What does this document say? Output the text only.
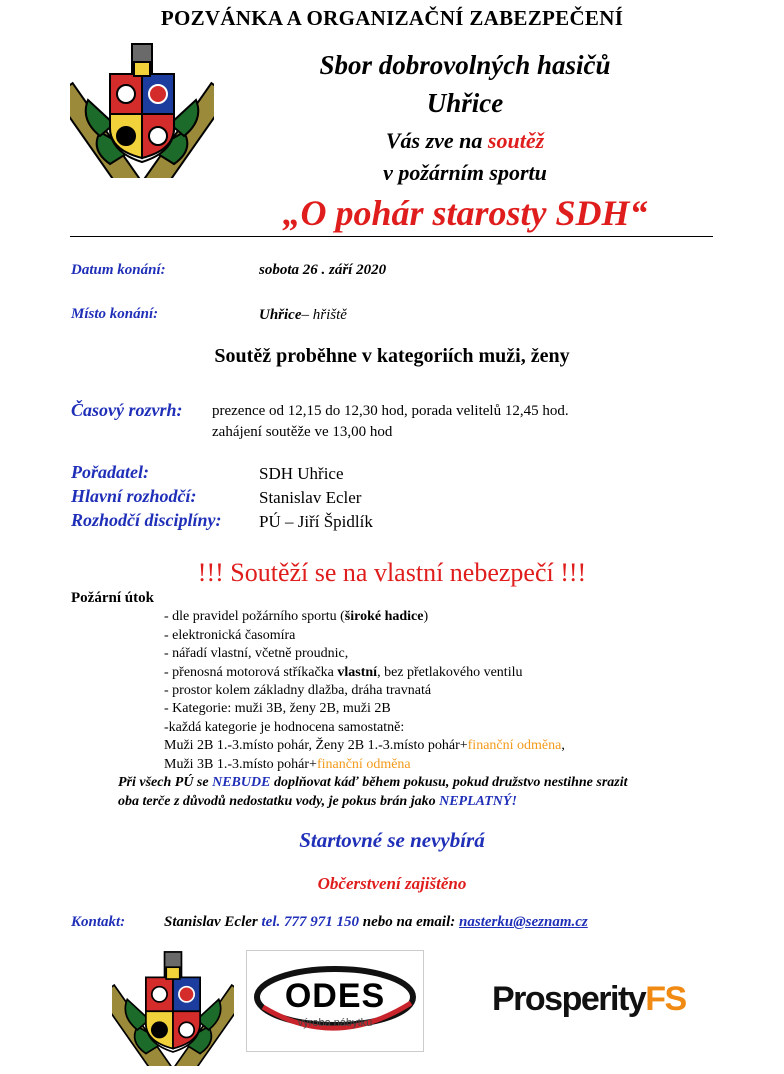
POZVÁNKA A ORGANIZAČNÍ ZABEZPEČENÍ
Sbor dobrovolných hasičů
Uhřice
Vás zve na soutěž
v požárním sportu
„O pohár starosty SDH“
Datum konání:	sobota 26 . září 2020
Místo konání:	Uhřice– hřiště
Soutěž proběhne v kategoriích muži, ženy
Časový rozvrh: prezence od 12,15 do 12,30 hod, porada velitelů 12,45 hod.
zahájení soutěže ve 13,00 hod
Pořadatel:	SDH Uhřice
Hlavní rozhodčí:	Stanislav Ecler
Rozhodčí disciplíny: PÚ – Jiří Špidlík
!!! Soutěží se na vlastní nebezpečí !!!
Požární útok
- dle pravidel požárního sportu (široké hadice)
- elektronická časomíra
- nářadí vlastní, včetně proudnic,
- přenosná motorová stříkačka vlastní, bez přetlakového ventilu
- prostor kolem základny dlažba, dráha travnatá
- Kategorie: muži 3B, ženy 2B, muži 2B
-každá kategorie je hodnocena samostatně:
Muži 2B 1.-3.místo pohár, Ženy 2B 1.-3.místo pohár+finanční odměna,
Muži 3B 1.-3.místo pohár+finanční odměna
Při všech PÚ se NEBUDE doplňovat káď během pokusu, pokud družstvo nestihne srazit
oba terče z důvodů nedostatku vody, je pokus brán jako NEPLATNÝ!
Startovné se nevybírá
Občerstvení zajištěno
Kontakt:	Stanislav Ecler tel. 777 971 150 nebo na email: nasterku@seznam.cz
ODES
výroba nábytku
ProsperityFS
